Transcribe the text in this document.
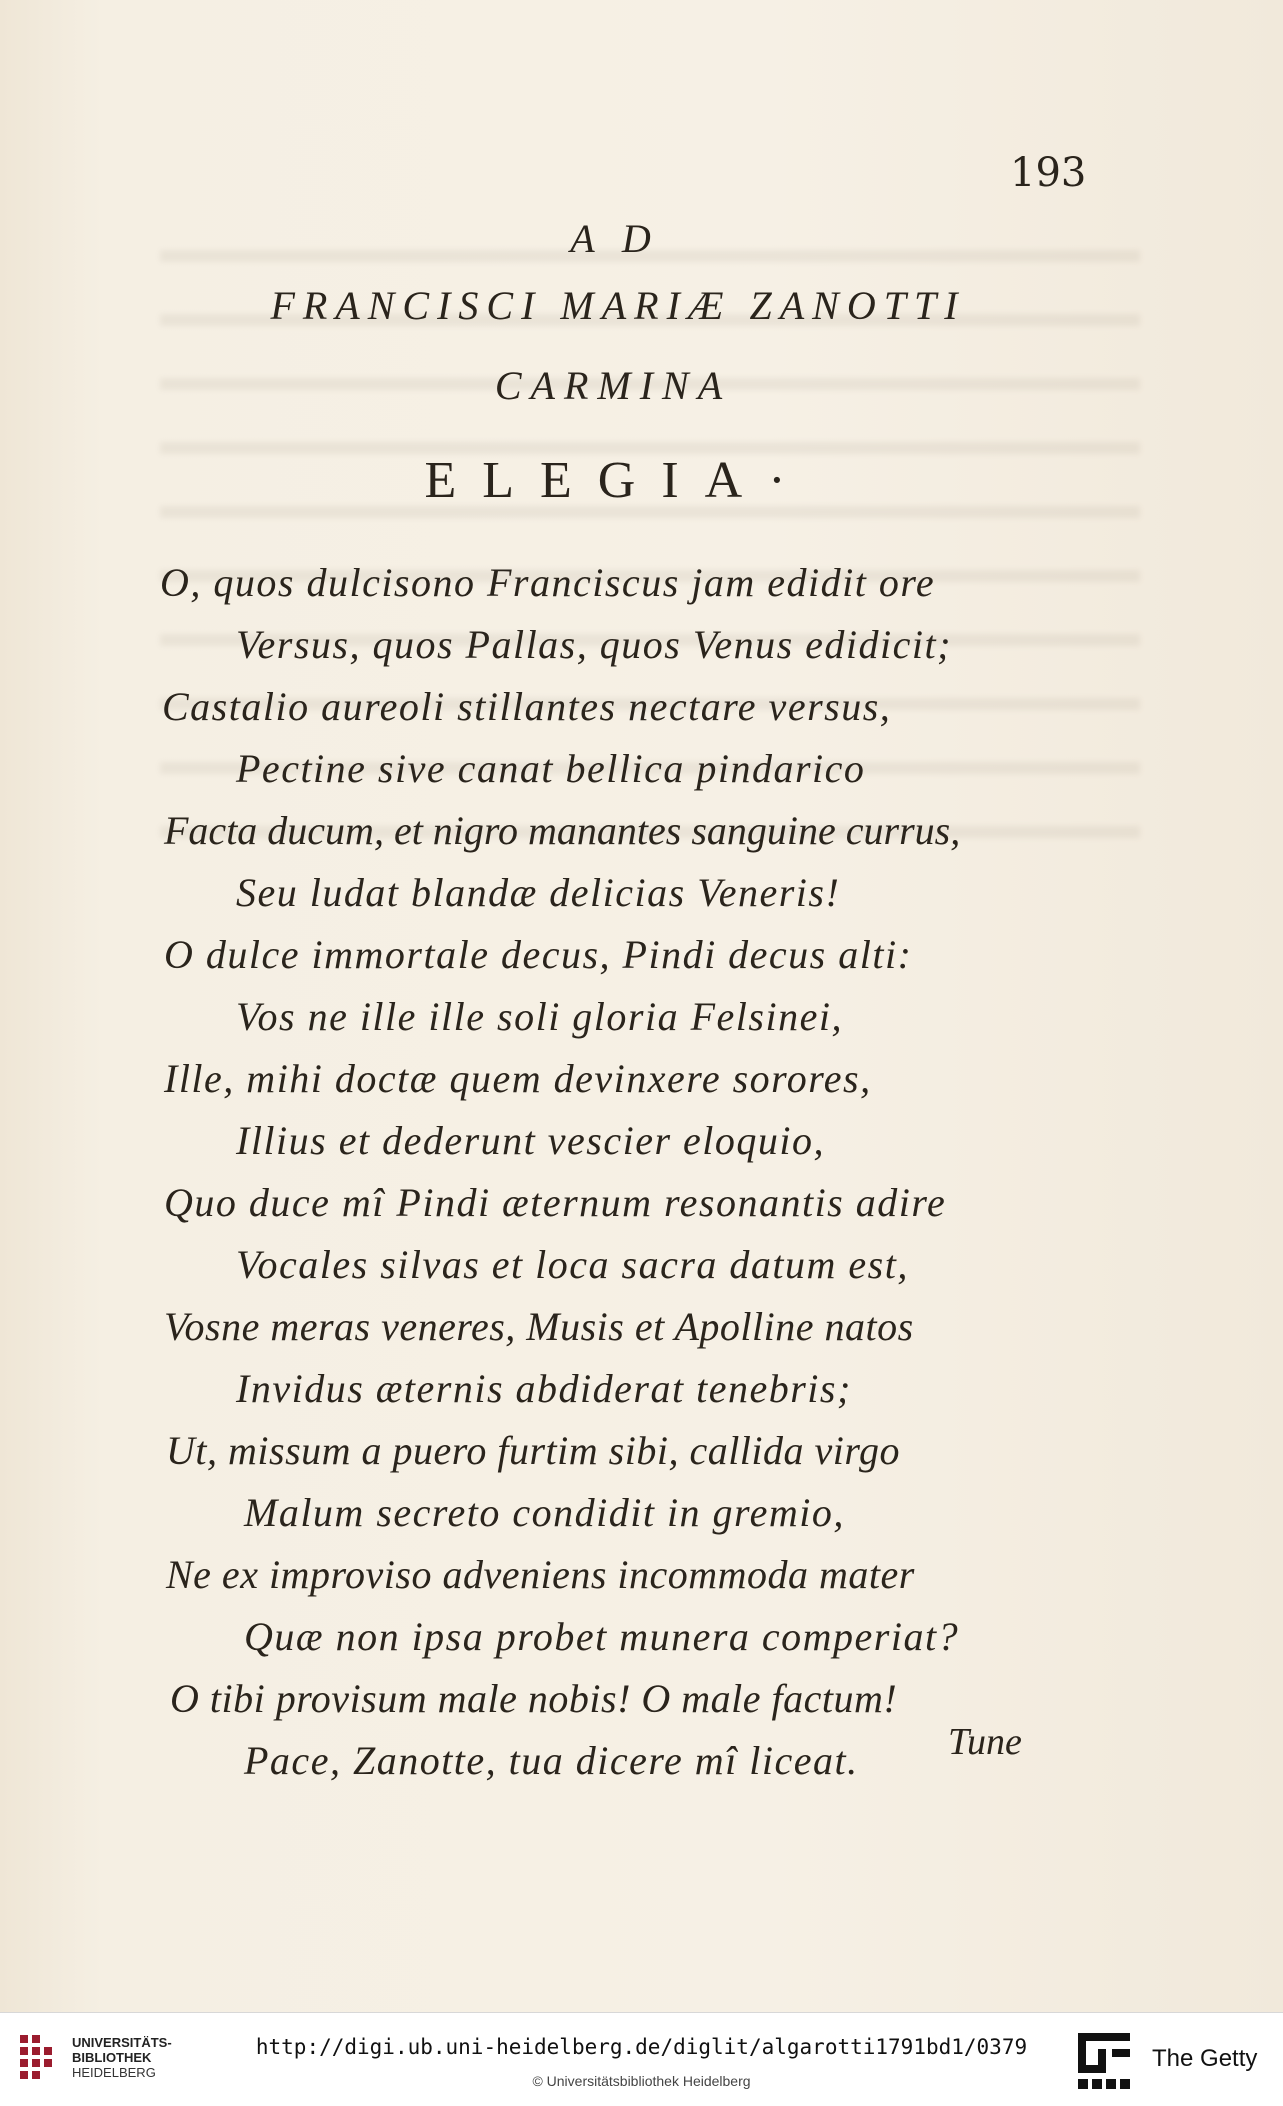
193
A D
FRANCISCI MARIÆ ZANOTTI
CARMINA
ELEGIA·
O, quos dulcisono Franciscus jam edidit ore
Versus, quos Pallas, quos Venus edidicit;
Castalio aureoli stillantes nectare versus,
Pectine sive canat bellica pindarico
Facta ducum, et nigro manantes sanguine currus,
Seu ludat blandæ delicias Veneris!
O dulce immortale decus, Pindi decus alti:
Vos ne ille ille soli gloria Felsinei,
Ille, mihi doctæ quem devinxere sorores,
Illius et dederunt vescier eloquio,
Quo duce mî Pindi æternum resonantis adire
Vocales silvas et loca sacra datum est,
Vosne meras veneres, Musis et Apolline natos
Invidus æternis abdiderat tenebris;
Ut, missum a puero furtim sibi, callida virgo
Malum secreto condidit in gremio,
Ne ex improviso adveniens incommoda mater
Quæ non ipsa probet munera comperiat?
O tibi provisum male nobis! O male factum!
Pace, Zanotte, tua dicere mî liceat. Tune
UNIVERSITÄTS-
BIBLIOTHEK
HEIDELBERG
http://digi.ub.uni-heidelberg.de/diglit/algarotti1791bd1/0379
© Universitätsbibliothek Heidelberg
The Getty
